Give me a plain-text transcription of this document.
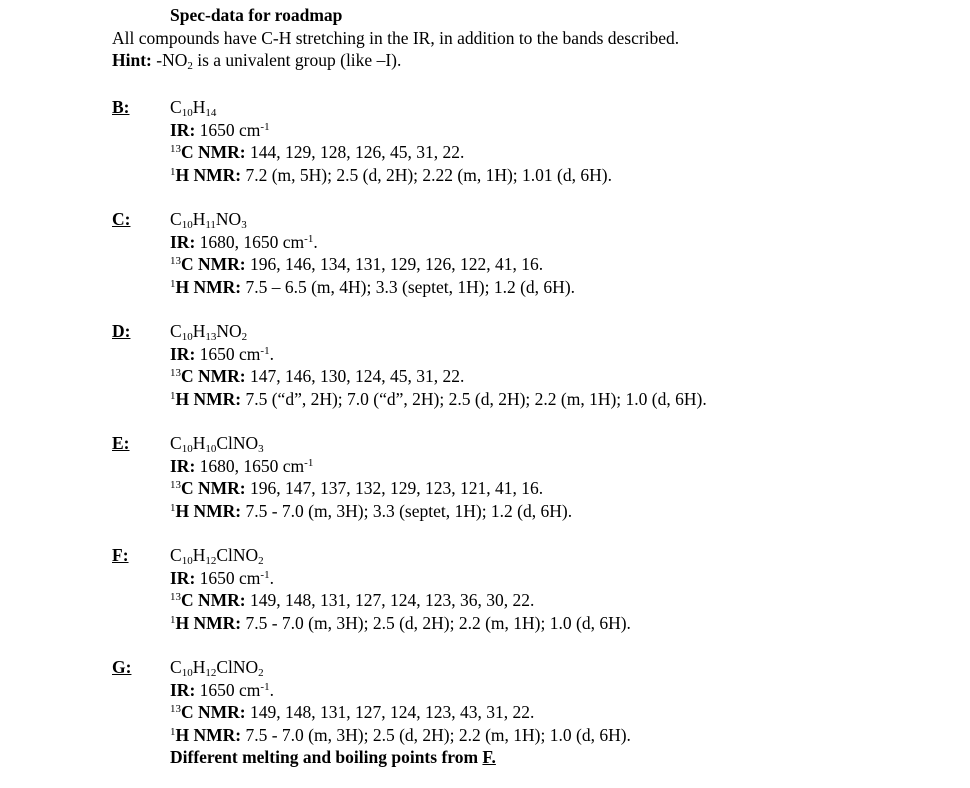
Spec-data for roadmap
All compounds have C-H stretching in the IR, in addition to the bands described.
Hint: $-NO_2$ is a univalent group (like –I).
B: $C_{10}H_{14}$
IR: 1650 $cm^{-1}$
$^{13}$C NMR: 144, 129, 128, 126, 45, 31, 22.
$^1$H NMR: 7.2 (m, 5H); 2.5 (d, 2H); 2.22 (m, 1H); 1.01 (d, 6H).
C: $C_{10}H_{11}NO_3$
IR: 1680, 1650 $cm^{-1}$.
$^{13}$C NMR: 196, 146, 134, 131, 129, 126, 122, 41, 16.
$^1$H NMR: 7.5 – 6.5 (m, 4H); 3.3 (septet, 1H); 1.2 (d, 6H).
D: $C_{10}H_{13}NO_2$
IR: 1650 $cm^{-1}$.
$^{13}$C NMR: 147, 146, 130, 124, 45, 31, 22.
$^1$H NMR: 7.5 (“d”, 2H); 7.0 (“d”, 2H); 2.5 (d, 2H); 2.2 (m, 1H); 1.0 (d, 6H).
E: $C_{10}H_{10}ClNO_3$
IR: 1680, 1650 $cm^{-1}$
$^{13}$C NMR: 196, 147, 137, 132, 129, 123, 121, 41, 16.
$^1$H NMR: 7.5 - 7.0 (m, 3H); 3.3 (septet, 1H); 1.2 (d, 6H).
F: $C_{10}H_{12}ClNO_2$
IR: 1650 $cm^{-1}$.
$^{13}$C NMR: 149, 148, 131, 127, 124, 123, 36, 30, 22.
$^1$H NMR: 7.5 - 7.0 (m, 3H); 2.5 (d, 2H); 2.2 (m, 1H); 1.0 (d, 6H).
G: $C_{10}H_{12}ClNO_2$
IR: 1650 $cm^{-1}$.
$^{13}$C NMR: 149, 148, 131, 127, 124, 123, 43, 31, 22.
$^1$H NMR: 7.5 - 7.0 (m, 3H); 2.5 (d, 2H); 2.2 (m, 1H); 1.0 (d, 6H).
Different melting and boiling points from F.
